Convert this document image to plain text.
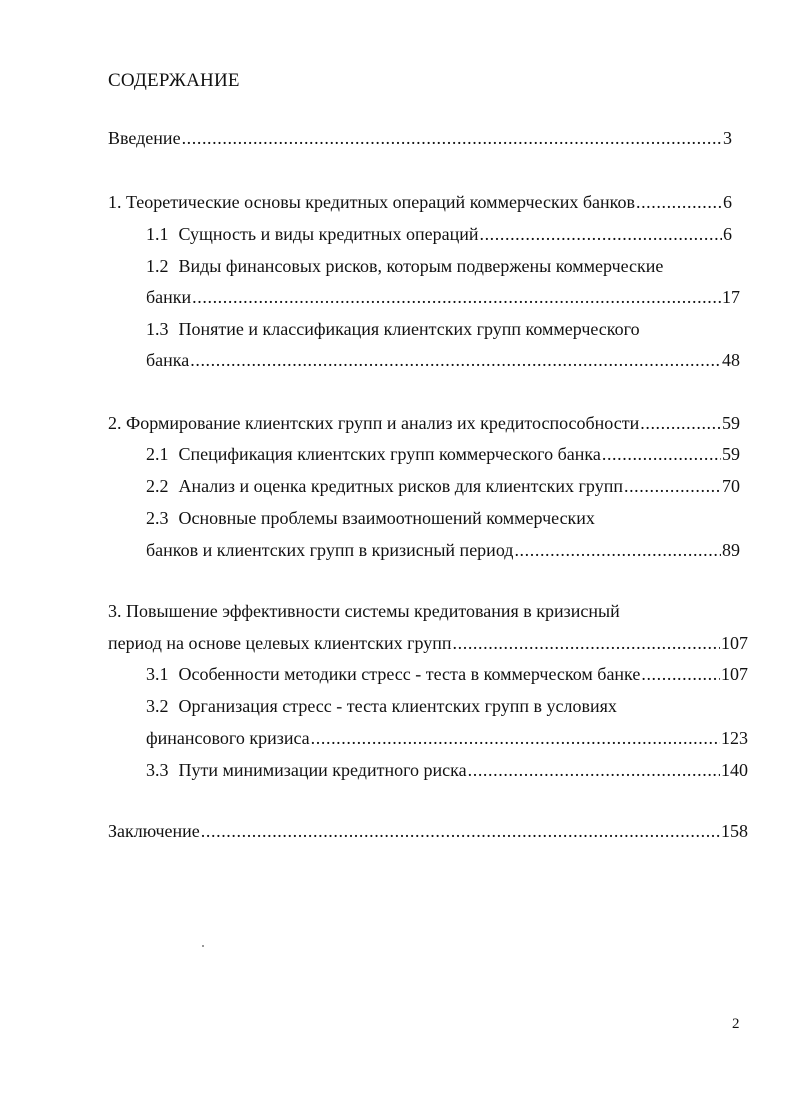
СОДЕРЖАНИЕ
Введение .....	3
1. Теоретические основы кредитных операций коммерческих банков .....	6
1.1 Сущность и виды кредитных операций .....	6
1.2 Виды финансовых рисков, которым подвержены коммерческие
банки .....	17
1.3 Понятие и классификация клиентских групп коммерческого
банка .....	48
2. Формирование клиентских групп и анализ их кредитоспособности .....	59
2.1 Спецификация клиентских групп коммерческого банка .....	59
2.2 Анализ и оценка кредитных рисков для клиентских групп .....	70
2.3 Основные проблемы взаимоотношений коммерческих
банков и клиентских групп в кризисный период .....	89
3. Повышение эффективности системы кредитования в кризисный
период на основе целевых клиентских групп .....	107
3.1 Особенности методики стресс - теста в коммерческом банке .....	107
3.2 Организация стресс - теста клиентских групп в условиях
финансового кризиса .....	123
3.3 Пути минимизации кредитного риска .....	140
Заключение .....	158
2
